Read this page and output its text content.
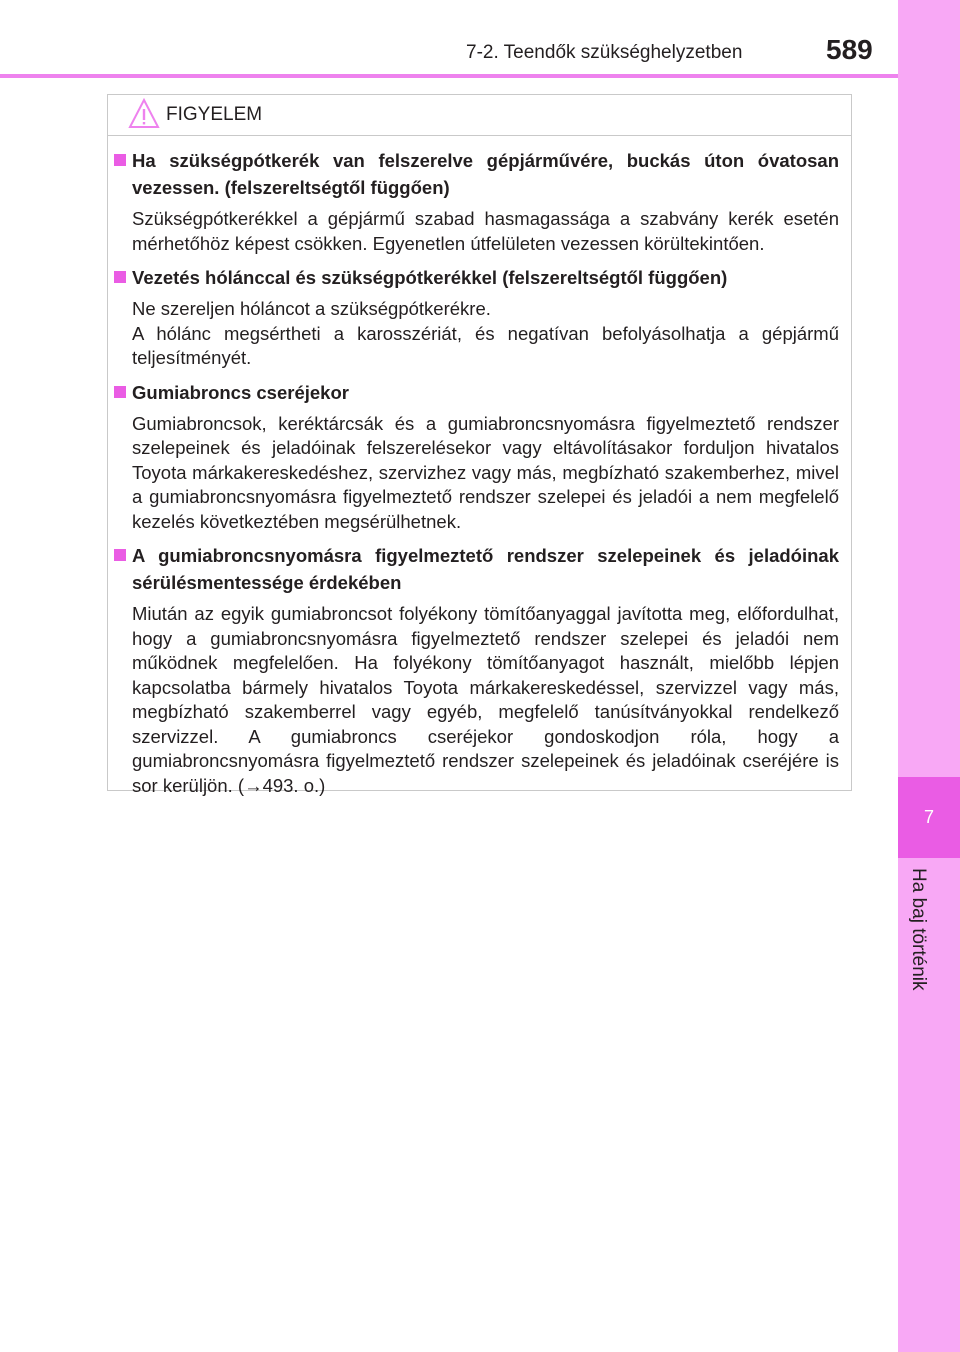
7-2. Teendők szükséghelyzetben	589
7
Ha baj történik
FIGYELEM
Ha szükségpótkerék van felszerelve gépjárművére, buckás úton óvatosan vezessen. (felszereltségtől függően)

Szükségpótkerékkel a gépjármű szabad hasmagassága a szabvány kerék esetén mérhetőhöz képest csökken. Egyenetlen útfelületen vezessen körültekintően.

Vezetés hólánccal és szükségpótkerékkel (felszereltségtől függően)

Ne szereljen hóláncot a szükségpótkerékre.

A hólánc megsértheti a karosszériát, és negatívan befolyásolhatja a gépjármű teljesítményét.

Gumiabroncs cseréjekor

Gumiabroncsok, keréktárcsák és a gumiabroncsnyomásra figyelmeztető rendszer szelepeinek és jeladóinak felszerelésekor vagy eltávolításakor forduljon hivatalos Toyota márkakereskedéshez, szervizhez vagy más, megbízható szakemberhez, mivel a gumiabroncsnyomásra figyelmeztető rendszer szelepei és jeladói a nem megfelelő kezelés következtében megsérülhetnek.

A gumiabroncsnyomásra figyelmeztető rendszer szelepeinek és jeladóinak sérülésmentessége érdekében

Miután az egyik gumiabroncsot folyékony tömítőanyaggal javította meg, előfordulhat, hogy a gumiabroncsnyomásra figyelmeztető rendszer szelepei és jeladói nem működnek megfelelően. Ha folyékony tömítőanyagot használt, mielőbb lépjen kapcsolatba bármely hivatalos Toyota márkakereskedéssel, szervizzel vagy más, megbízható szakemberrel vagy egyéb, megfelelő tanúsítványokkal rendelkező szervizzel. A gumiabroncs cseréjekor gondoskodjon róla, hogy a gumiabroncsnyomásra figyelmeztető rendszer szelepeinek és jeladóinak cseréjére is sor kerüljön. (→493. o.)
